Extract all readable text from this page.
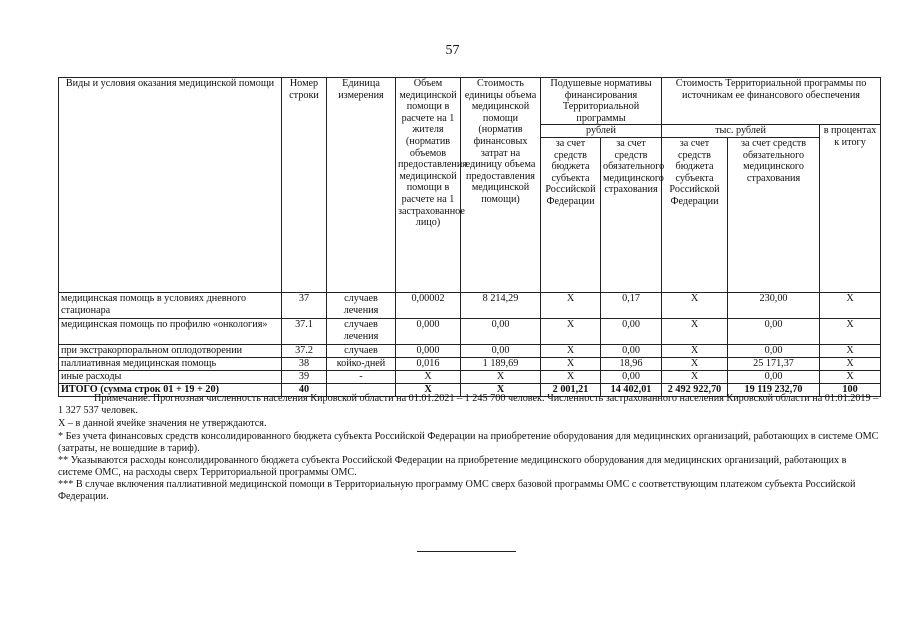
57
Виды и условия оказания медицинской помощи	Номер строки	Единица измерения	Объем медицинской помощи в расчете на 1 жителя (норматив объемов предоставления медицинской помощи в расчете на 1 застрахованное лицо)	Стоимость единицы объема медицинской помощи (норматив финансовых затрат на единицу объема предоставления медицинской помощи)	Подушевые нормативы финансирования Территориальной программы		Стоимость Территориальной программы по источникам ее финансового обеспечения		
					рублей		тыс. рублей		в процентах к итогу
					за счет средств бюджета субъекта Российской Федерации	за счет средств обязательного медицинского страхования	за счет средств бюджета субъекта Российской Федерации	за счет средств обязательного медицинского страхования	
медицинская помощь в условиях дневного стационара	37	случаев лечения	0,00002	8 214,29	X	0,17	X	230,00	X
медицинская помощь по профилю «онкология»	37.1	случаев лечения	0,000	0,00	X	0,00	X	0,00	X
при экстракорпоральном оплодотворении	37.2	случаев	0,000	0,00	X	0,00	X	0,00	X
паллиативная медицинская помощь	38	койко-дней	0,016	1 189,69	X	18,96	X	25 171,37	X
иные расходы	39	-	X	X	X	0,00	X	0,00	X
ИТОГО (сумма строк 01 + 19 + 20)	40		X	X	2 001,21	14 402,01	2 492 922,70	19 119 232,70	100
Примечание. Прогнозная численность населения Кировской области на 01.01.2021 – 1 245 700 человек. Численность застрахованного населения Кировской области на 01.01.2019 – 1 327 537 человек.
X – в данной ячейке значения не утверждаются.
* Без учета финансовых средств консолидированного бюджета субъекта Российской Федерации на приобретение оборудования для медицинских организаций, работающих в системе ОМС (затраты, не вошедшие в тариф).
** Указываются расходы консолидированного бюджета субъекта Российской Федерации на приобретение медицинского оборудования для медицинских организаций, работающих в системе ОМС, на расходы сверх Территориальной программы ОМС.
*** В случае включения паллиативной медицинской помощи в Территориальную программу ОМС сверх базовой программы ОМС с соответствующим платежом субъекта Российской Федерации.
